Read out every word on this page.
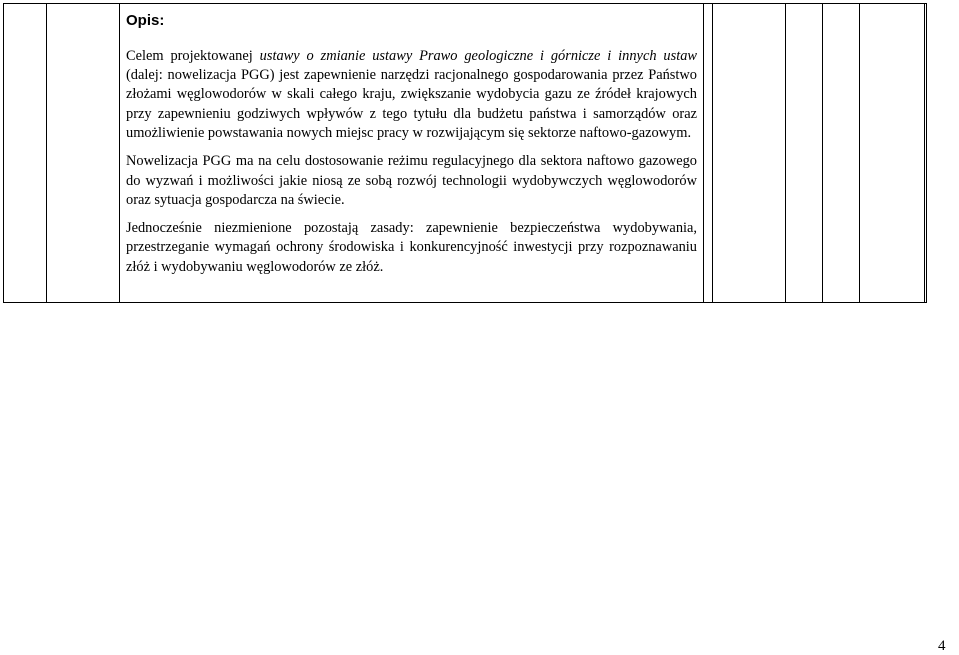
Opis:

Celem projektowanej ustawy o zmianie ustawy Prawo geologiczne i górnicze i innych ustaw (dalej: nowelizacja PGG) jest zapewnienie narzędzi racjonalnego gospodarowania przez Państwo złożami węglowodorów w skali całego kraju, zwiększanie wydobycia gazu ze źródeł krajowych przy zapewnieniu godziwych wpływów z tego tytułu dla budżetu państwa i samorządów oraz umożliwienie powstawania nowych miejsc pracy w rozwijającym się sektorze naftowo-gazowym.

Nowelizacja PGG ma na celu dostosowanie reżimu regulacyjnego dla sektora naftowo gazowego do wyzwań i możliwości jakie niosą ze sobą rozwój technologii wydobywczych węglowodorów oraz sytuacja gospodarcza na świecie.

Jednocześnie niezmienione pozostają zasady: zapewnienie bezpieczeństwa wydobywania, przestrzeganie wymagań ochrony środowiska i konkurencyjność inwestycji przy rozpoznawaniu złóż i wydobywaniu węglowodorów ze złóż.

4
